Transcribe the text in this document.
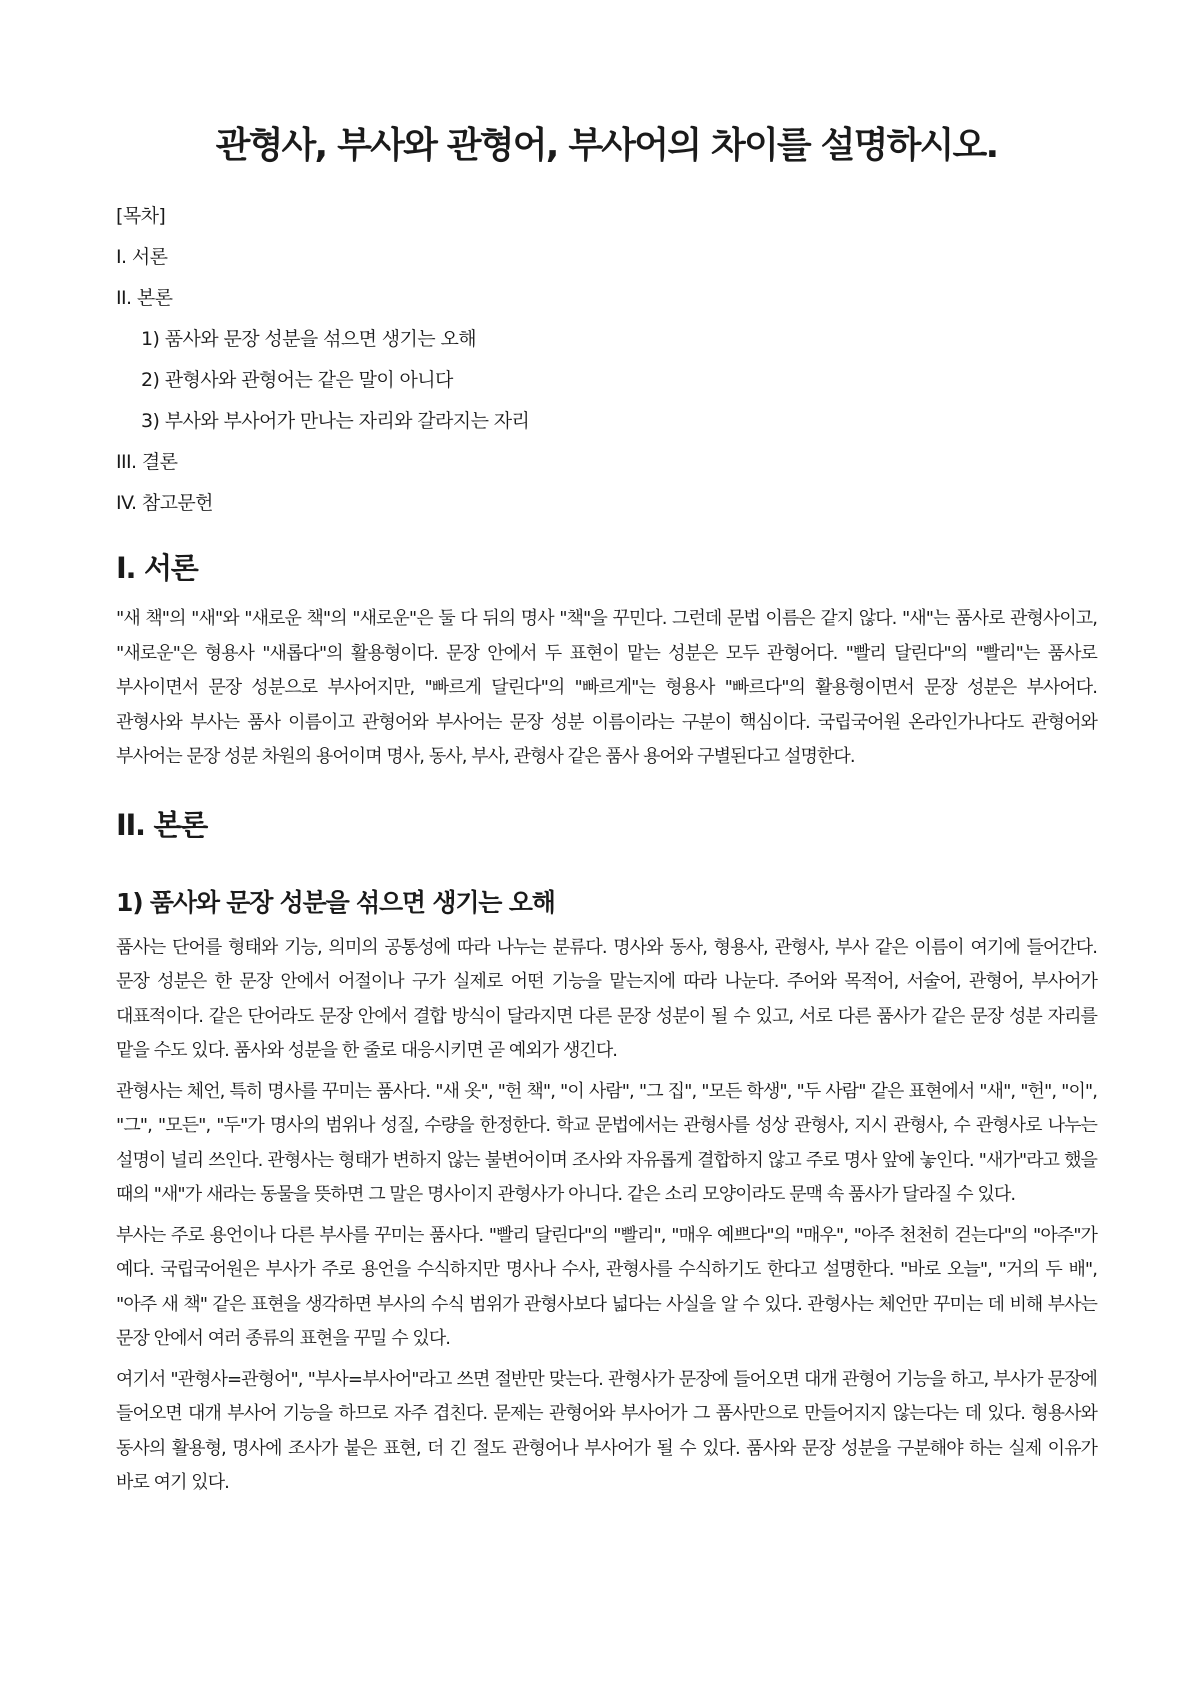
관형사, 부사와 관형어, 부사어의 차이를 설명하시오.
[목차]
I. 서론
II. 본론
1) 품사와 문장 성분을 섞으면 생기는 오해
2) 관형사와 관형어는 같은 말이 아니다
3) 부사와 부사어가 만나는 자리와 갈라지는 자리
III. 결론
IV. 참고문헌
I. 서론

"새 책"의 "새"와 "새로운 책"의 "새로운"은 둘 다 뒤의 명사 "책"을 꾸민다. 그런데 문법 이름은 같지 않다. "새"는 품사로 관형사이고, "새로운"은 형용사 "새롭다"의 활용형이다. 문장 안에서 두 표현이 맡는 성분은 모두 관형어다. "빨리 달린다"의 "빨리"는 품사로 부사이면서 문장 성분으로 부사어지만, "빠르게 달린다"의 "빠르게"는 형용사 "빠르다"의 활용형이면서 문장 성분은 부사어다. 관형사와 부사는 품사 이름이고 관형어와 부사어는 문장 성분 이름이라는 구분이 핵심이다. 국립국어원 온라인가나다도 관형어와 부사어는 문장 성분 차원의 용어이며 명사, 동사, 부사, 관형사 같은 품사 용어와 구별된다고 설명한다.

II. 본론
1) 품사와 문장 성분을 섞으면 생기는 오해

품사는 단어를 형태와 기능, 의미의 공통성에 따라 나누는 분류다. 명사와 동사, 형용사, 관형사, 부사 같은 이름이 여기에 들어간다. 문장 성분은 한 문장 안에서 어절이나 구가 실제로 어떤 기능을 맡는지에 따라 나눈다. 주어와 목적어, 서술어, 관형어, 부사어가 대표적이다. 같은 단어라도 문장 안에서 결합 방식이 달라지면 다른 문장 성분이 될 수 있고, 서로 다른 품사가 같은 문장 성분 자리를 맡을 수도 있다. 품사와 성분을 한 줄로 대응시키면 곧 예외가 생긴다.

관형사는 체언, 특히 명사를 꾸미는 품사다. "새 옷", "헌 책", "이 사람", "그 집", "모든 학생", "두 사람" 같은 표현에서 "새", "헌", "이", "그", "모든", "두"가 명사의 범위나 성질, 수량을 한정한다. 학교 문법에서는 관형사를 성상 관형사, 지시 관형사, 수 관형사로 나누는 설명이 널리 쓰인다. 관형사는 형태가 변하지 않는 불변어이며 조사와 자유롭게 결합하지 않고 주로 명사 앞에 놓인다. "새가"라고 했을 때의 "새"가 새라는 동물을 뜻하면 그 말은 명사이지 관형사가 아니다. 같은 소리 모양이라도 문맥 속 품사가 달라질 수 있다.

부사는 주로 용언이나 다른 부사를 꾸미는 품사다. "빨리 달린다"의 "빨리", "매우 예쁘다"의 "매우", "아주 천천히 걷는다"의 "아주"가 예다. 국립국어원은 부사가 주로 용언을 수식하지만 명사나 수사, 관형사를 수식하기도 한다고 설명한다. "바로 오늘", "거의 두 배", "아주 새 책" 같은 표현을 생각하면 부사의 수식 범위가 관형사보다 넓다는 사실을 알 수 있다. 관형사는 체언만 꾸미는 데 비해 부사는 문장 안에서 여러 종류의 표현을 꾸밀 수 있다.

여기서 "관형사=관형어", "부사=부사어"라고 쓰면 절반만 맞는다. 관형사가 문장에 들어오면 대개 관형어 기능을 하고, 부사가 문장에 들어오면 대개 부사어 기능을 하므로 자주 겹친다. 문제는 관형어와 부사어가 그 품사만으로 만들어지지 않는다는 데 있다. 형용사와 동사의 활용형, 명사에 조사가 붙은 표현, 더 긴 절도 관형어나 부사어가 될 수 있다. 품사와 문장 성분을 구분해야 하는 실제 이유가 바로 여기 있다.
